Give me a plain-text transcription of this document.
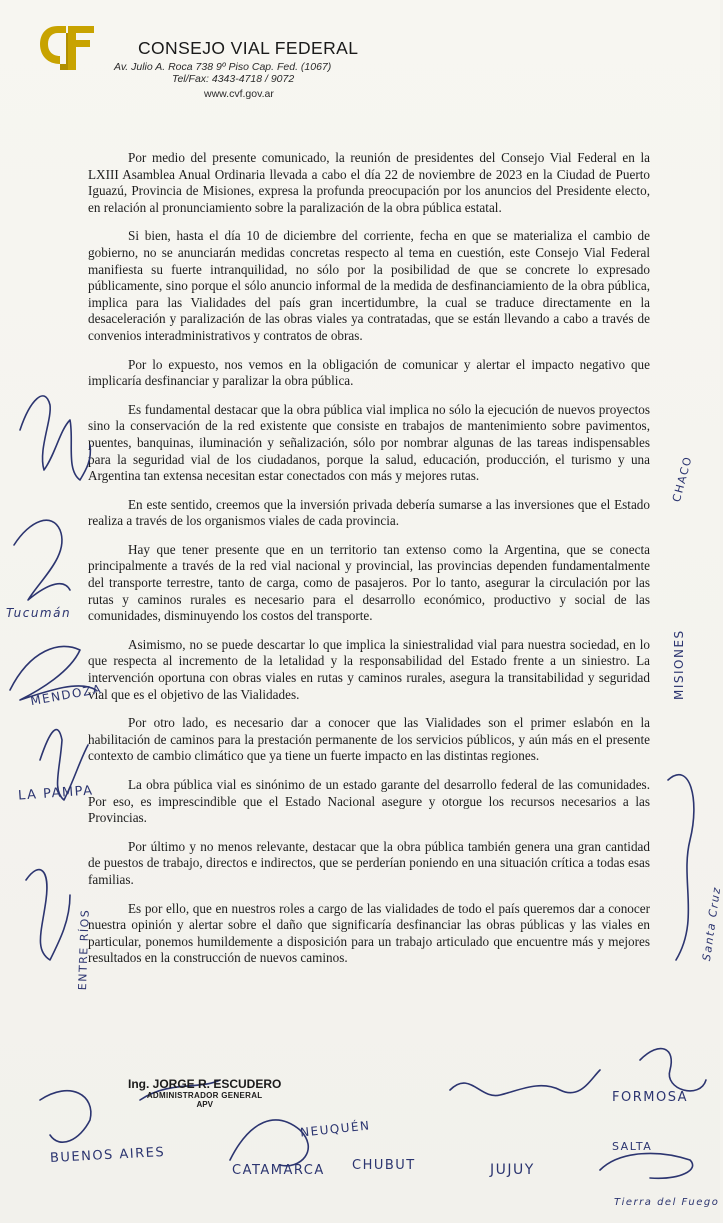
CONSEJO VIAL FEDERAL
Av. Julio A. Roca 738 9º Piso Cap. Fed. (1067)
Tel/Fax: 4343-4718 / 9072
www.cvf.gov.ar

Por medio del presente comunicado, la reunión de presidentes del Consejo Vial Federal en la LXIII Asamblea Anual Ordinaria llevada a cabo el día 22 de noviembre de 2023 en la Ciudad de Puerto Iguazú, Provincia de Misiones, expresa la profunda preocupación por los anuncios del Presidente electo, en relación al pronunciamiento sobre la paralización de la obra pública estatal.

Si bien, hasta el día 10 de diciembre del corriente, fecha en que se materializa el cambio de gobierno, no se anunciarán medidas concretas respecto al tema en cuestión, este Consejo Vial Federal manifiesta su fuerte intranquilidad, no sólo por la posibilidad de que se concrete lo expresado públicamente, sino porque el sólo anuncio informal de la medida de desfinanciamiento de la obra pública, implica para las Vialidades del país gran incertidumbre, la cual se traduce directamente en la desaceleración y paralización de las obras viales ya contratadas, que se están llevando a cabo a través de convenios interadministrativos y contratos de obras.

Por lo expuesto, nos vemos en la obligación de comunicar y alertar el impacto negativo que implicaría desfinanciar y paralizar la obra pública.

Es fundamental destacar que la obra pública vial implica no sólo la ejecución de nuevos proyectos sino la conservación de la red existente que consiste en trabajos de mantenimiento sobre pavimentos, puentes, banquinas, iluminación y señalización, sólo por nombrar algunas de las tareas indispensables para la seguridad vial de los ciudadanos, porque la salud, educación, producción, el turismo y una Argentina tan extensa necesitan estar conectados con más y mejores rutas.

En este sentido, creemos que la inversión privada debería sumarse a las inversiones que el Estado realiza a través de los organismos viales de cada provincia.

Hay que tener presente que en un territorio tan extenso como la Argentina, que se conecta principalmente a través de la red vial nacional y provincial, las provincias dependen fundamentalmente del transporte terrestre, tanto de carga, como de pasajeros. Por lo tanto, asegurar la circulación por las rutas y caminos rurales es necesario para el desarrollo económico, productivo y social de las comunidades, disminuyendo los costos del transporte.

Asimismo, no se puede descartar lo que implica la siniestralidad vial para nuestra sociedad, en lo que respecta al incremento de la letalidad y la responsabilidad del Estado frente a un siniestro. La intervención oportuna con obras viales en rutas y caminos rurales, asegura la transitabilidad y seguridad vial que es el objetivo de las Vialidades.

Por otro lado, es necesario dar a conocer que las Vialidades son el primer eslabón en la habilitación de caminos para la prestación permanente de los servicios públicos, y aún más en el presente contexto de cambio climático que ya tiene un fuerte impacto en las distintas regiones.

La obra pública vial es sinónimo de un estado garante del desarrollo federal de las comunidades. Por eso, es imprescindible que el Estado Nacional asegure y otorgue los recursos necesarios a las Provincias.

Por último y no menos relevante, destacar que la obra pública también genera una gran cantidad de puestos de trabajo, directos e indirectos, que se perderían poniendo en una situación crítica a todas esas familias.

Es por ello, que en nuestros roles a cargo de las vialidades de todo el país queremos dar a conocer nuestra opinión y alertar sobre el daño que significaría desfinanciar las obras públicas y las viales en particular, ponemos humildemente a disposición para un trabajo articulado que encuentre más y mejores resultados en la construcción de nuevos caminos.

CHACO
MISIONES
Tucumán
MENDOZA
LA PAMPA
ENTRE RÍOS	Santa Cruz
FORMOSA
SALTA
BUENOS AIRES
CATAMARCA CHUBUT
NEUQUÉN
JUJUY
Tierra del Fuego
Ing. JORGE R. ESCUDERO
ADMINISTRADOR GENERAL
APV
